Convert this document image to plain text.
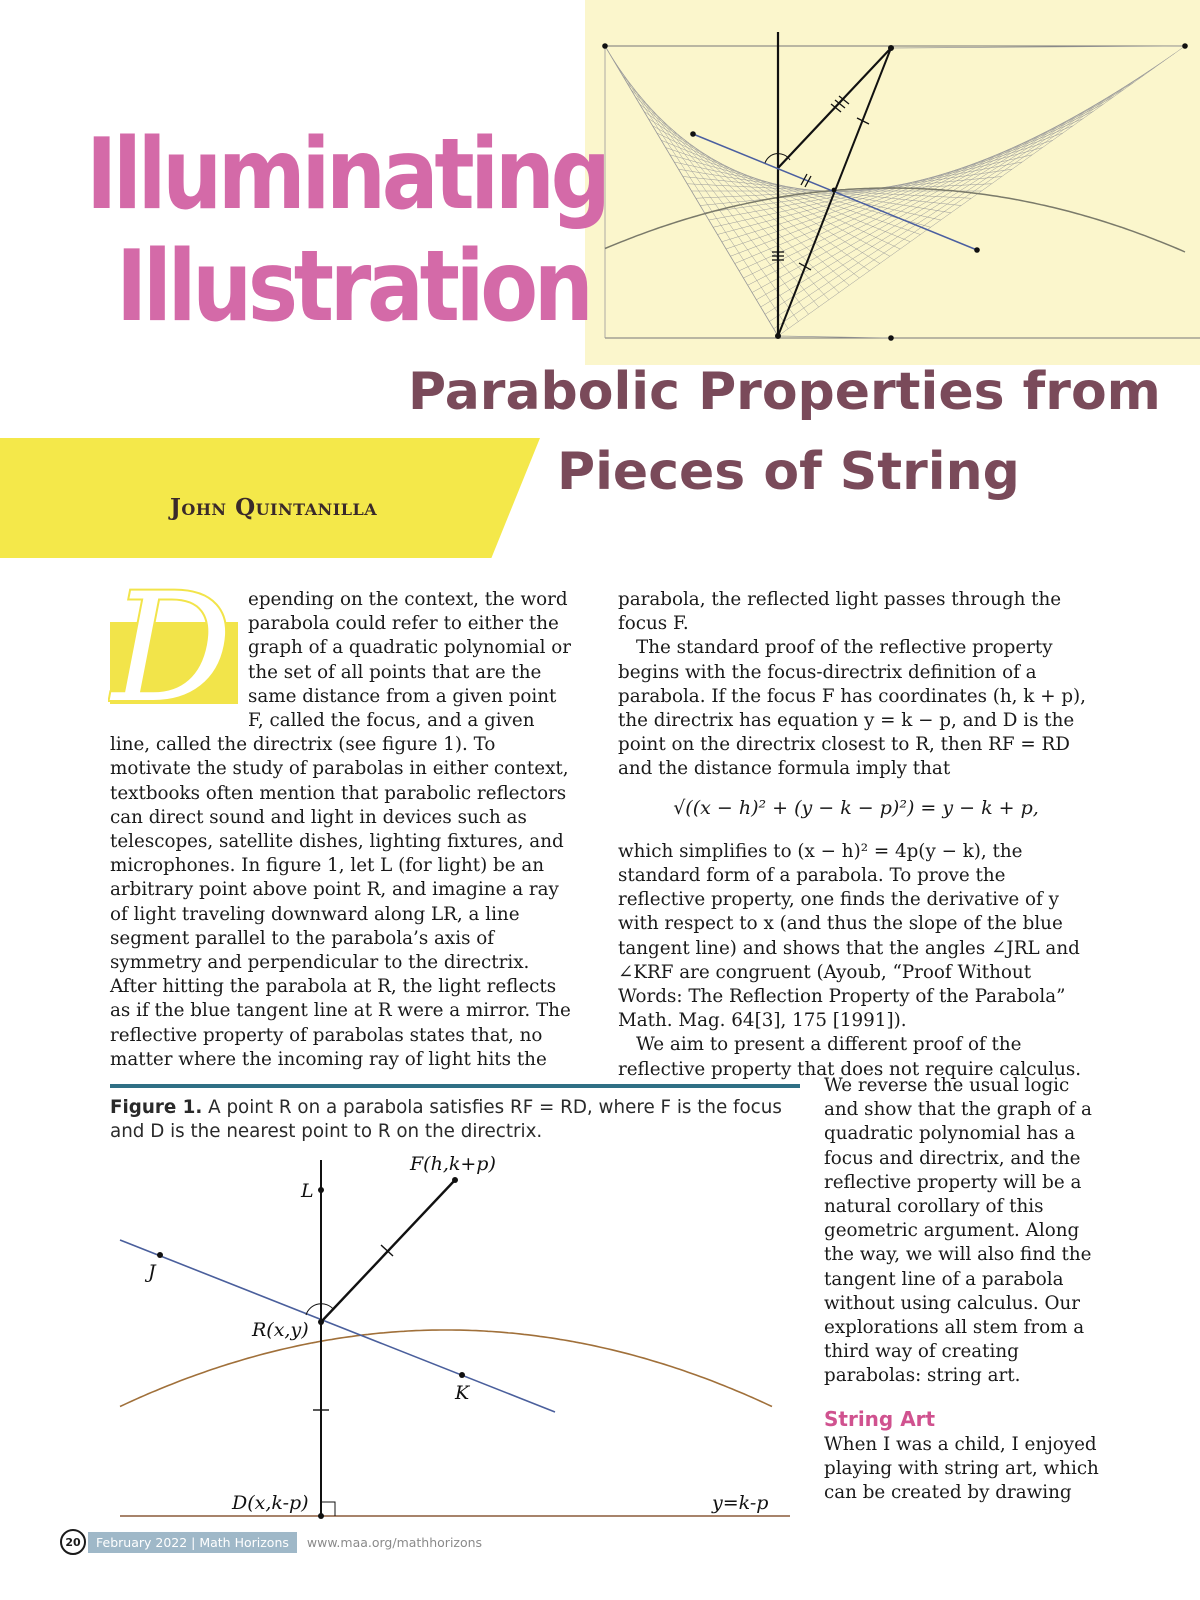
Illuminating
Illustration
John Quintanilla
Parabolic Properties from
Pieces of String
D epending on the context, the word parabola could refer to either the graph of a quadratic polynomial or the set of all points that are the same distance from a given point F, called the focus, and a given line, called the directrix (see figure 1). To motivate the study of parabolas in either context, textbooks often mention that parabolic reflectors can direct sound and light in devices such as telescopes, satellite dishes, lighting fixtures, and microphones. In figure 1, let L (for light) be an arbitrary point above point R, and imagine a ray of light traveling downward along LR, a line segment parallel to the parabola’s axis of symmetry and perpendicular to the directrix. After hitting the parabola at R, the light reflects as if the blue tangent line at R were a mirror. The reflective property of parabolas states that, no matter where the incoming ray of light hits the

parabola, the reflected light passes through the focus F.

The standard proof of the reflective property begins with the focus-directrix definition of a parabola. If the focus F has coordinates (h, k + p), the directrix has equation y = k − p, and D is the point on the directrix closest to R, then RF = RD and the distance formula imply that

√((x − h)² + (y − k − p)²) = y − k + p,

which simplifies to (x − h)² = 4p(y − k), the standard form of a parabola. To prove the reflective property, one finds the derivative of y with respect to x (and thus the slope of the blue tangent line) and shows that the angles ∠JRL and ∠KRF are congruent (Ayoub, “Proof Without Words: The Reflection Property of the Parabola” Math. Mag. 64[3], 175 [1991]).

We aim to present a different proof of the reflective property that does not require calculus.

We reverse the usual logic and show that the graph of a quadratic polynomial has a focus and directrix, and the reflective property will be a natural corollary of this geometric argument. Along the way, we will also find the tangent line of a parabola without using calculus. Our explorations all stem from a third way of creating parabolas: string art.

String Art

When I was a child, I enjoyed playing with string art, which can be created by drawing

Figure 1. A point R on a parabola satisfies RF = RD, where F is the focus and D is the nearest point to R on the directrix.
F(h,k+p)
L
J
R(x,y)
K
D(x,k-p)	y=k-p
20	February 2022 | Math Horizons	www.maa.org/mathhorizons
